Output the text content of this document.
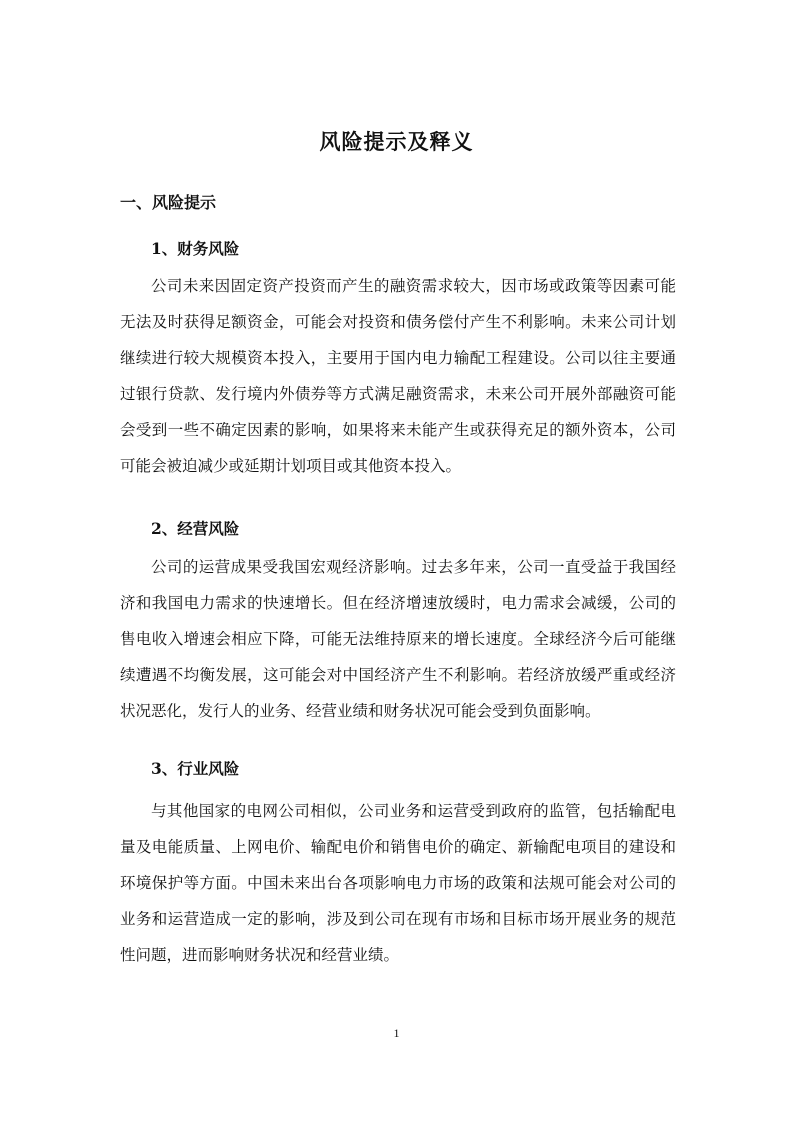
风险提示及释义
一、风险提示
1、财务风险

公司未来因固定资产投资而产生的融资需求较大，因市场或政策等因素可能无法及时获得足额资金，可能会对投资和债务偿付产生不利影响。未来公司计划继续进行较大规模资本投入，主要用于国内电力输配工程建设。公司以往主要通过银行贷款、发行境内外债券等方式满足融资需求，未来公司开展外部融资可能会受到一些不确定因素的影响，如果将来未能产生或获得充足的额外资本，公司可能会被迫减少或延期计划项目或其他资本投入。

2、经营风险

公司的运营成果受我国宏观经济影响。过去多年来，公司一直受益于我国经济和我国电力需求的快速增长。但在经济增速放缓时，电力需求会减缓，公司的售电收入增速会相应下降，可能无法维持原来的增长速度。全球经济今后可能继续遭遇不均衡发展，这可能会对中国经济产生不利影响。若经济放缓严重或经济状况恶化，发行人的业务、经营业绩和财务状况可能会受到负面影响。

3、行业风险

与其他国家的电网公司相似，公司业务和运营受到政府的监管，包括输配电量及电能质量、上网电价、输配电价和销售电价的确定、新输配电项目的建设和环境保护等方面。中国未来出台各项影响电力市场的政策和法规可能会对公司的业务和运营造成一定的影响，涉及到公司在现有市场和目标市场开展业务的规范性问题，进而影响财务状况和经营业绩。

1
